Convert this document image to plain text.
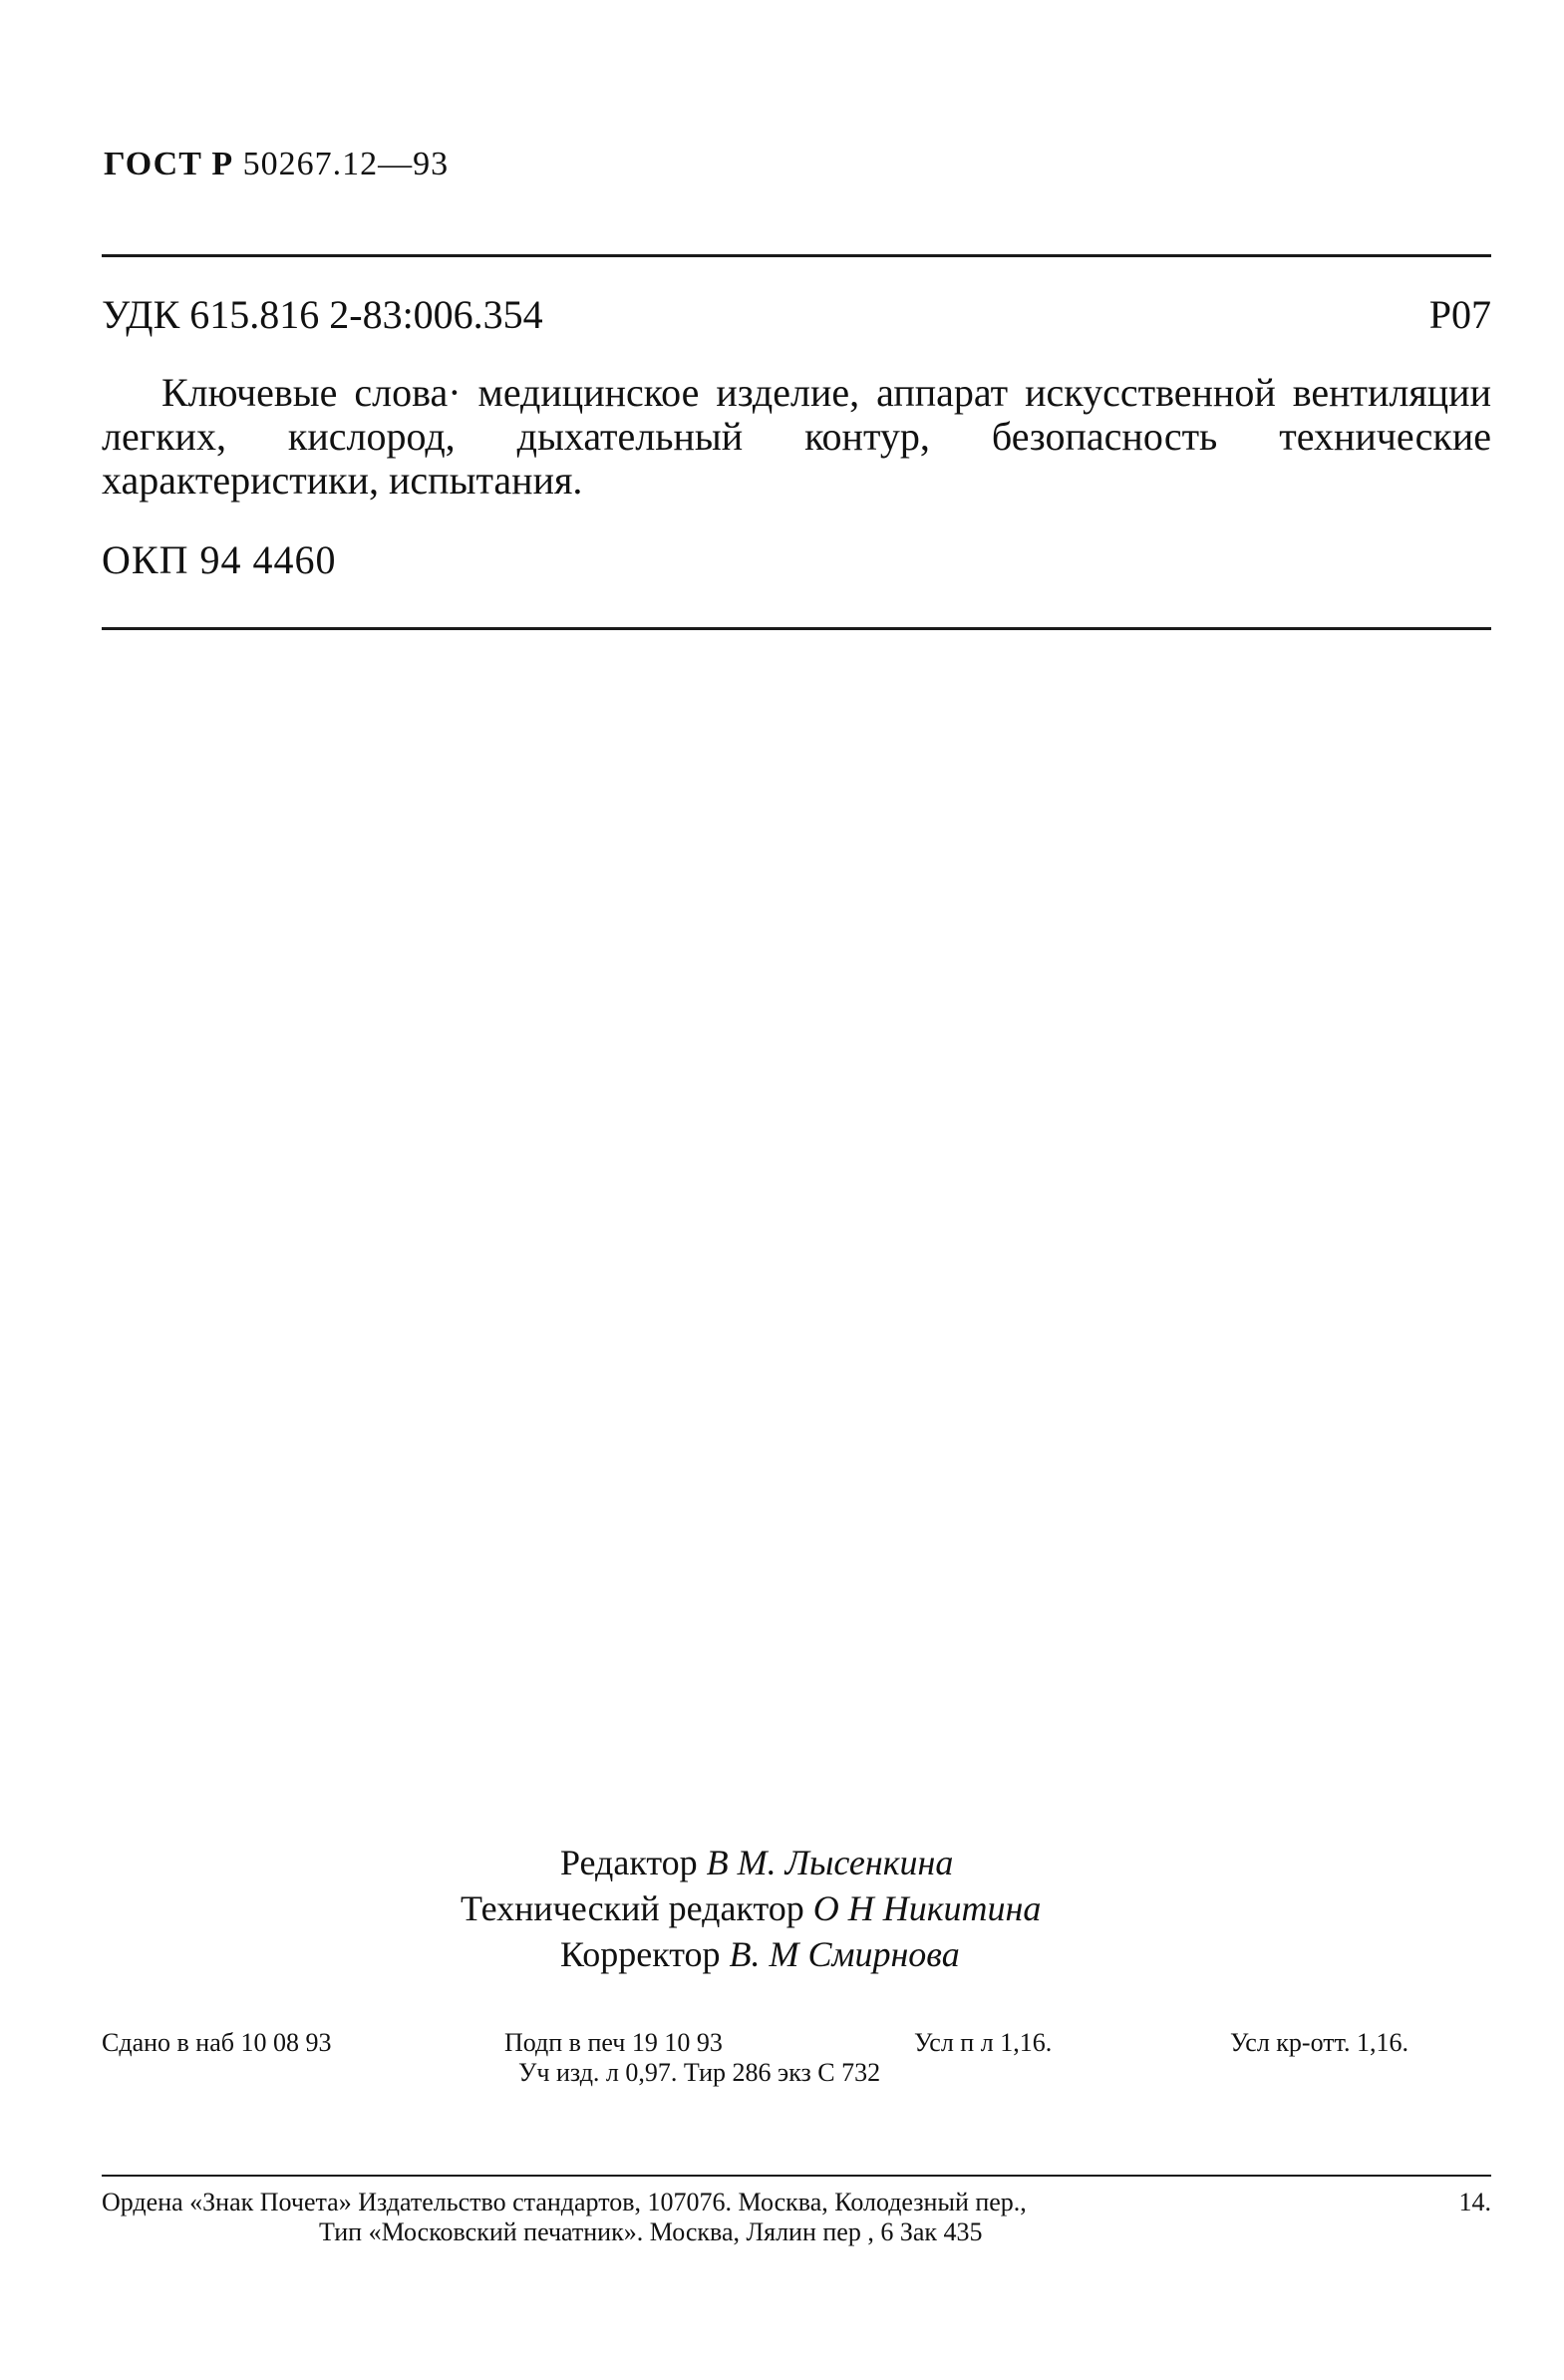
ГОСТ Р 50267.12—93
УДК 615.816 2-83:006.354	Р07
Ключевые слова· медицинское изделие, аппарат искусственной вентиляции легких, кислород, дыхательный контур, безопасность технические характеристики, испытания.
ОКП 94 4460
Редактор В М. Лысенкина
Технический редактор О Н Никитина
Корректор В. М Смирнова
Сдано в наб 10 08 93	Подп в печ 19 10 93	Усл п л 1,16.	Усл кр-отт. 1,16.
Уч изд. л 0,97. Тир 286 экз С 732
Ордена «Знак Почета» Издательство стандартов, 107076. Москва, Колодезный пер.,	14.
Тип «Московский печатник». Москва, Лялин пер , 6 Зак 435
